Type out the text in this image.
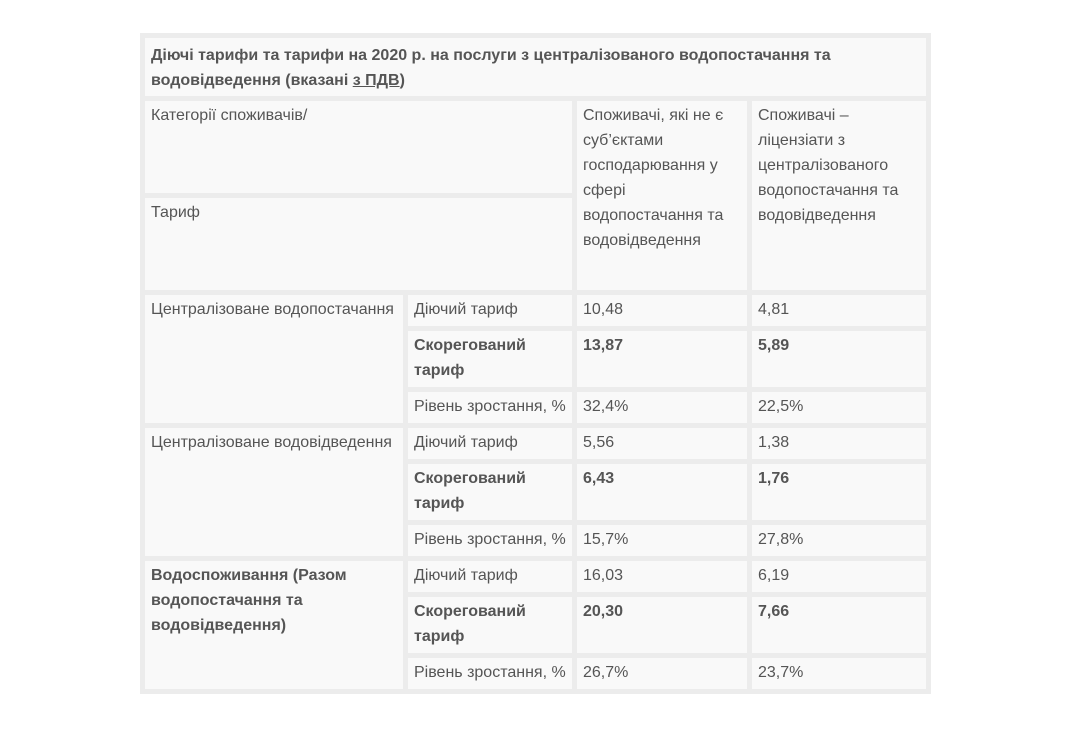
Діючі тарифи та тарифи на 2020 р. на послуги з централізованого водопостачання та водовідведення (вказані з ПДВ)			
Категорії споживачів/		Споживачі, які не є суб’єктами господарювання у сфері водопостачання та водовідведення	Споживачі – ліцензіати з централізованого водопостачання та водовідведення
Тариф			
Централізоване водопостачання	Діючий тариф	10,48	4,81
	Скорегований тариф	13,87	5,89
	Рівень зростання, %	32,4%	22,5%
Централізоване водовідведення	Діючий тариф	5,56	1,38
	Скорегований тариф	6,43	1,76
	Рівень зростання, %	15,7%	27,8%
Водоспоживання (Разом водопостачання та водовідведення)	Діючий тариф	16,03	6,19
	Скорегований тариф	20,30	7,66
	Рівень зростання, %	26,7%	23,7%
